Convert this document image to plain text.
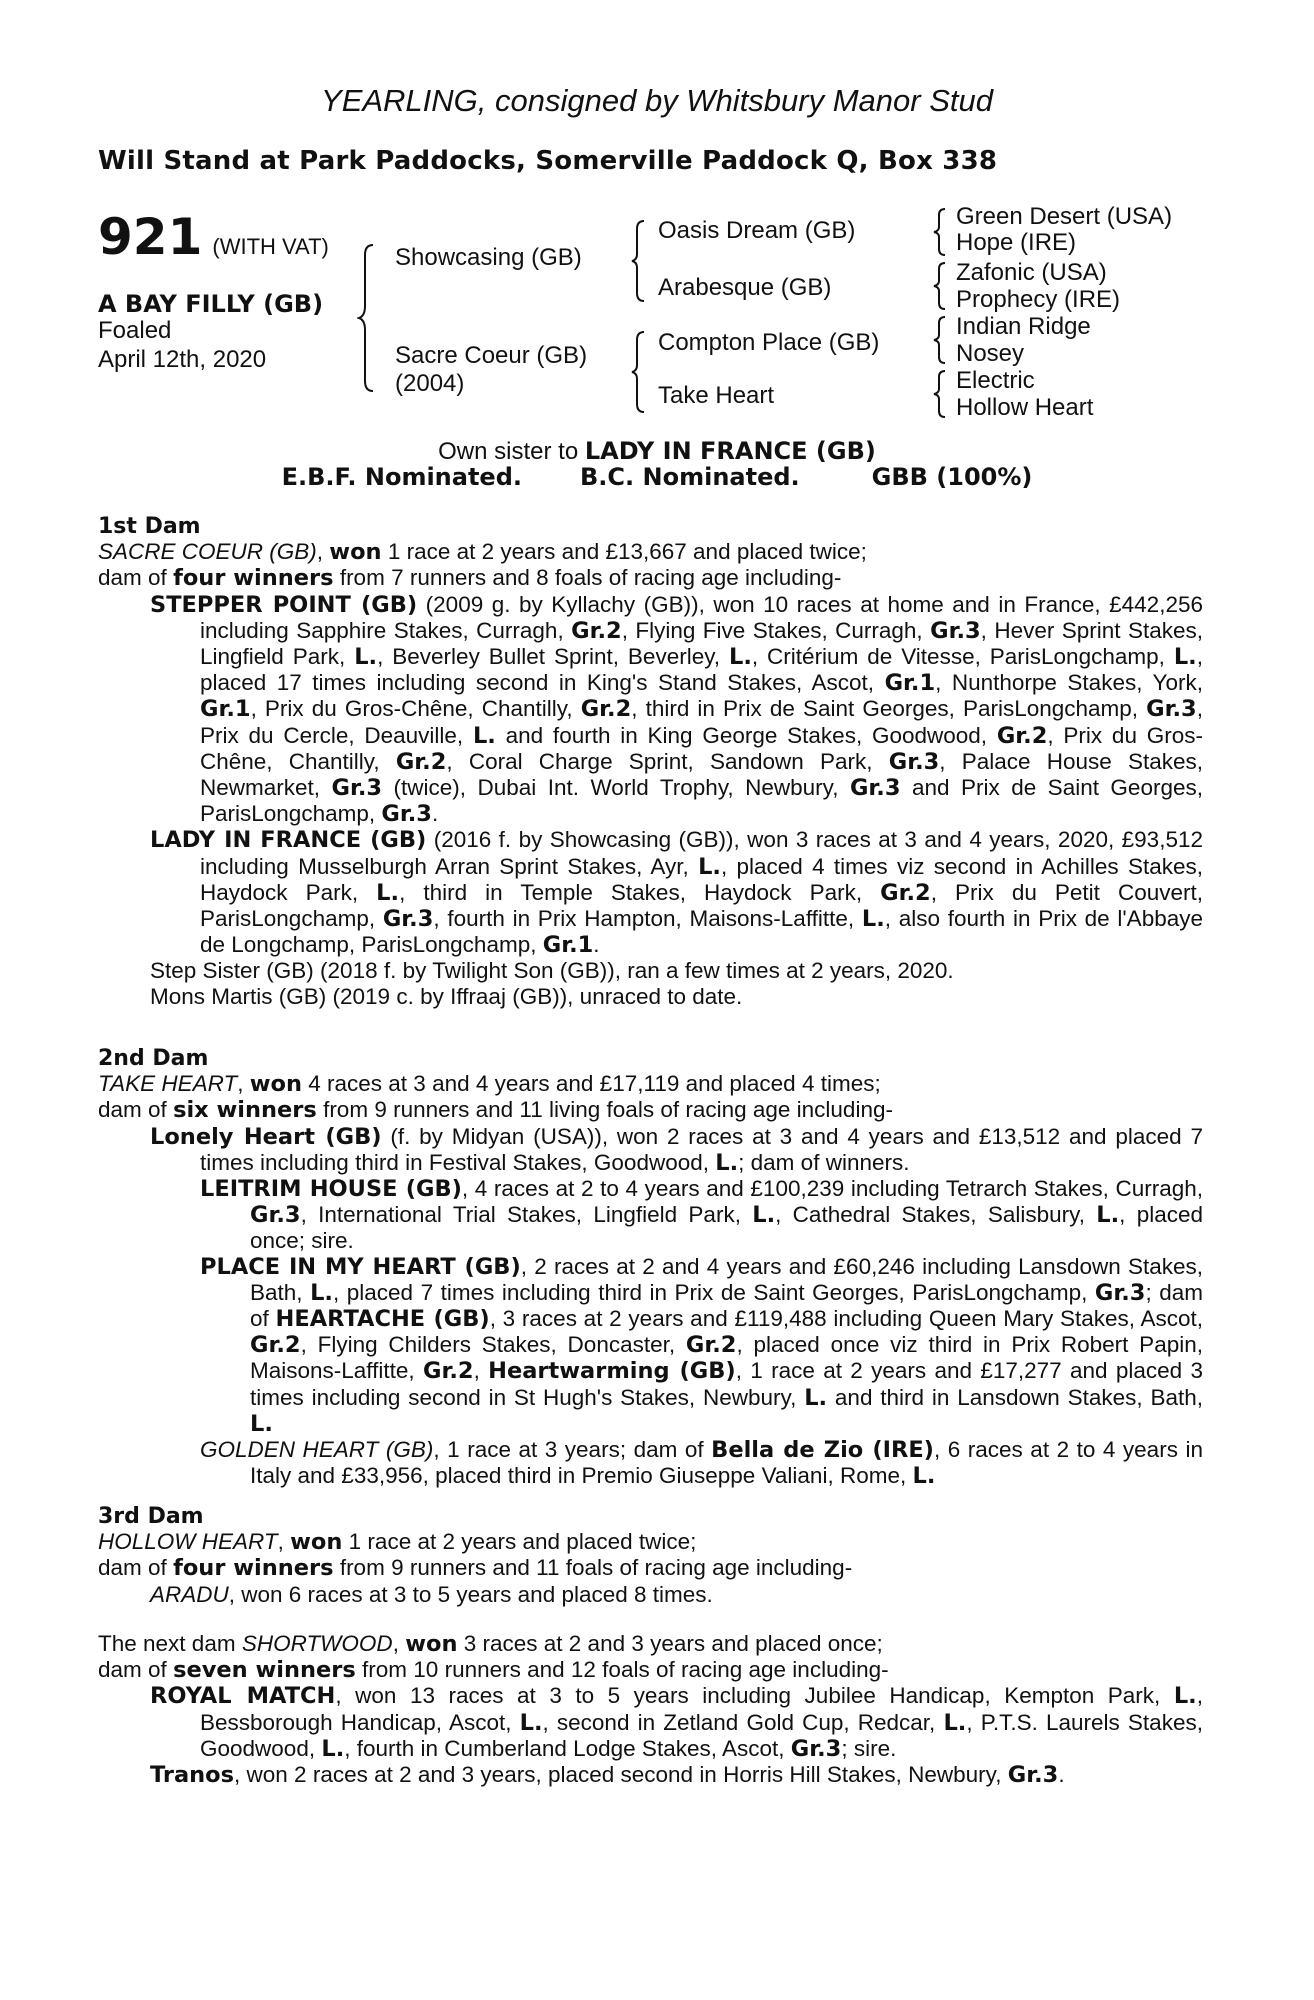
YEARLING, consigned by Whitsbury Manor Stud
Will Stand at Park Paddocks, Somerville Paddock Q, Box 338
921 (WITH VAT)
A BAY FILLY (GB)
Foaled
April 12th, 2020
Showcasing (GB)
Sacre Coeur (GB)
(2004)
Oasis Dream (GB)
Arabesque (GB)
Compton Place (GB)
Take Heart
Green Desert (USA)
Hope (IRE)
Zafonic (USA)
Prophecy (IRE)
Indian Ridge
Nosey
Electric
Hollow Heart
Own sister to LADY IN FRANCE (GB)
E.B.F. Nominated. B.C. Nominated.	GBB (100%)
1st Dam

SACRE COEUR (GB), won 1 race at 2 years and £13,667 and placed twice;

dam of four winners from 7 runners and 8 foals of racing age including-

STEPPER POINT (GB) (2009 g. by Kyllachy (GB)), won 10 races at home and in France, £442,256 including Sapphire Stakes, Curragh, Gr.2, Flying Five Stakes, Curragh, Gr.3, Hever Sprint Stakes, Lingfield Park, L., Beverley Bullet Sprint, Beverley, L., Critérium de Vitesse, ParisLongchamp, L., placed 17 times including second in King's Stand Stakes, Ascot, Gr.1, Nunthorpe Stakes, York, Gr.1, Prix du Gros-Chêne, Chantilly, Gr.2, third in Prix de Saint Georges, ParisLongchamp, Gr.3, Prix du Cercle, Deauville, L. and fourth in King George Stakes, Goodwood, Gr.2, Prix du Gros-Chêne, Chantilly, Gr.2, Coral Charge Sprint, Sandown Park, Gr.3, Palace House Stakes, Newmarket, Gr.3 (twice), Dubai Int. World Trophy, Newbury, Gr.3 and Prix de Saint Georges, ParisLongchamp, Gr.3.

LADY IN FRANCE (GB) (2016 f. by Showcasing (GB)), won 3 races at 3 and 4 years, 2020, £93,512 including Musselburgh Arran Sprint Stakes, Ayr, L., placed 4 times viz second in Achilles Stakes, Haydock Park, L., third in Temple Stakes, Haydock Park, Gr.2, Prix du Petit Couvert, ParisLongchamp, Gr.3, fourth in Prix Hampton, Maisons-Laffitte, L., also fourth in Prix de l'Abbaye de Longchamp, ParisLongchamp, Gr.1.

Step Sister (GB) (2018 f. by Twilight Son (GB)), ran a few times at 2 years, 2020.

Mons Martis (GB) (2019 c. by Iffraaj (GB)), unraced to date.

2nd Dam

TAKE HEART, won 4 races at 3 and 4 years and £17,119 and placed 4 times;

dam of six winners from 9 runners and 11 living foals of racing age including-

Lonely Heart (GB) (f. by Midyan (USA)), won 2 races at 3 and 4 years and £13,512 and placed 7 times including third in Festival Stakes, Goodwood, L.; dam of winners.

LEITRIM HOUSE (GB), 4 races at 2 to 4 years and £100,239 including Tetrarch Stakes, Curragh, Gr.3, International Trial Stakes, Lingfield Park, L., Cathedral Stakes, Salisbury, L., placed once; sire.

PLACE IN MY HEART (GB), 2 races at 2 and 4 years and £60,246 including Lansdown Stakes, Bath, L., placed 7 times including third in Prix de Saint Georges, ParisLongchamp, Gr.3; dam of HEARTACHE (GB), 3 races at 2 years and £119,488 including Queen Mary Stakes, Ascot, Gr.2, Flying Childers Stakes, Doncaster, Gr.2, placed once viz third in Prix Robert Papin, Maisons-Laffitte, Gr.2, Heartwarming (GB), 1 race at 2 years and £17,277 and placed 3 times including second in St Hugh's Stakes, Newbury, L. and third in Lansdown Stakes, Bath, L.

GOLDEN HEART (GB), 1 race at 3 years; dam of Bella de Zio (IRE), 6 races at 2 to 4 years in Italy and £33,956, placed third in Premio Giuseppe Valiani, Rome, L.

3rd Dam

HOLLOW HEART, won 1 race at 2 years and placed twice;

dam of four winners from 9 runners and 11 foals of racing age including-

ARADU, won 6 races at 3 to 5 years and placed 8 times.

The next dam SHORTWOOD, won 3 races at 2 and 3 years and placed once;

dam of seven winners from 10 runners and 12 foals of racing age including-

ROYAL MATCH, won 13 races at 3 to 5 years including Jubilee Handicap, Kempton Park, L., Bessborough Handicap, Ascot, L., second in Zetland Gold Cup, Redcar, L., P.T.S. Laurels Stakes, Goodwood, L., fourth in Cumberland Lodge Stakes, Ascot, Gr.3; sire.

Tranos, won 2 races at 2 and 3 years, placed second in Horris Hill Stakes, Newbury, Gr.3.
